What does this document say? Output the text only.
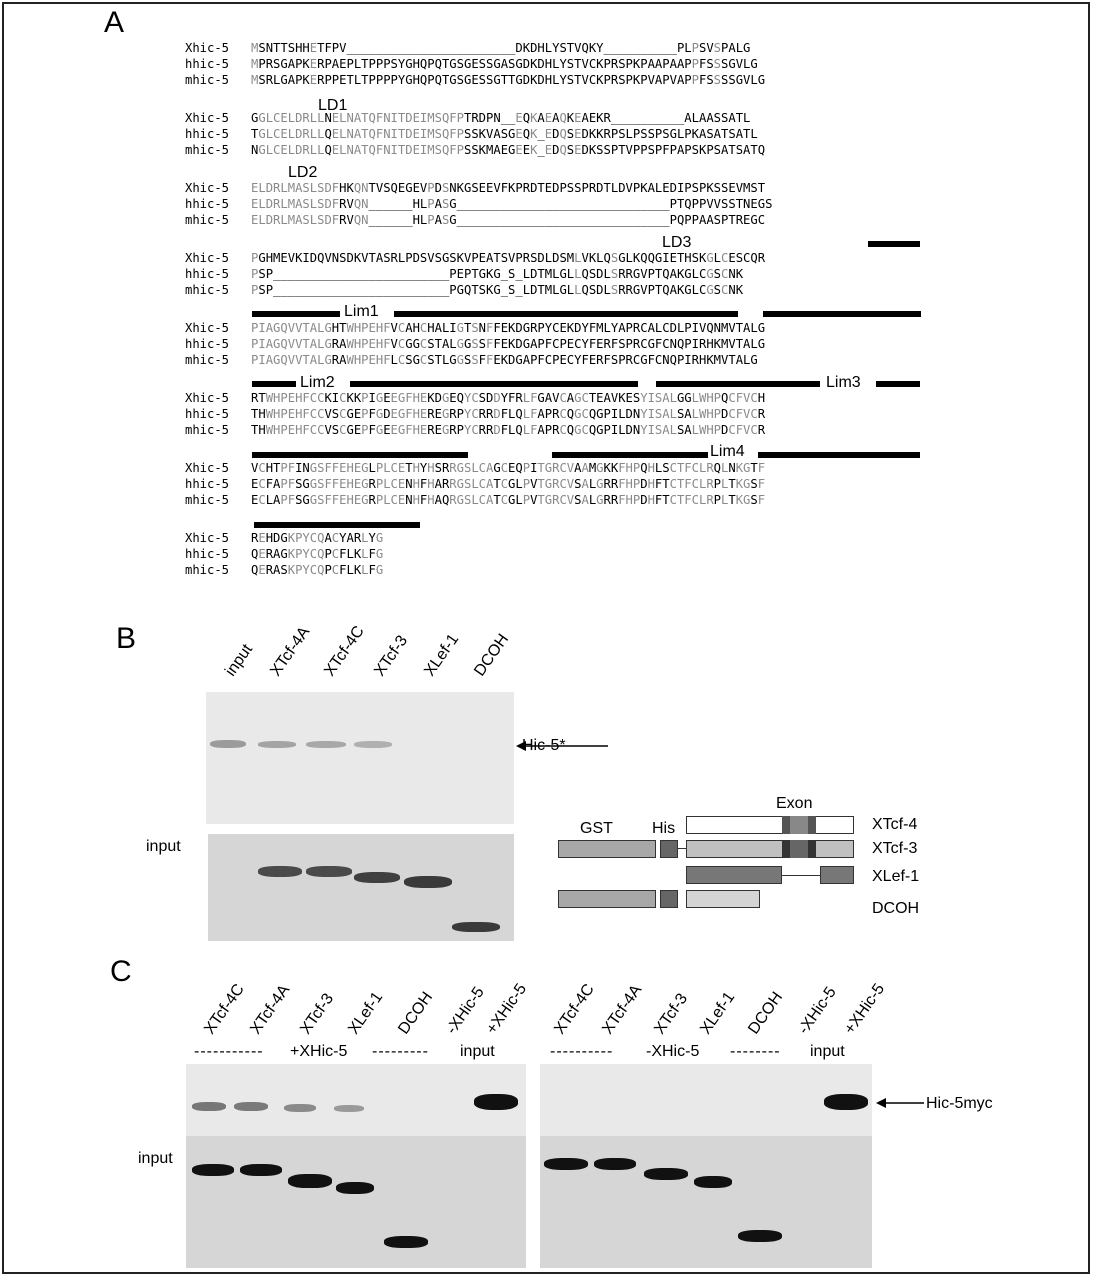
A
B
C
Xhic-5 MSNTTSHHETFPV_______________________DKDHLYSTVQKY__________PLPSVSPALG
hhic-5 MPRSGAPKERPAEPLTPPPSYGHQPQTGSGESSGASGDKDHLYSTVCKPRSPKPAAPAAPPFSSSGVLG
mhic-5 MSRLGAPKERPPETLTPPPPYGHQPQTGSGESSGTTGDKDHLYSTVCKPRSPKPVAPVAPPFSSSSGVLG
Xhic-5 GGLCELDRLLNELNATQFNITDEIMSQFPTRDPN__EQKAEAQKEAEKR__________ALAASSATL
hhic-5 TGLCELDRLLQELNATQFNITDEIMSQFPSSKVASGEQK_EDQSEDKKRPSLPSSPSGLPKASATSATL
mhic-5 NGLCELDRLLQELNATQFNITDEIMSQFPSSKMAEGEEK_EDQSEDKSSPTVPPSPFPAPSKPSATSATQ
Xhic-5 ELDRLMASLSDFHKQNTVSQEGEVPDSNKGSEEVFKPRDTEDPSSPRDTLDVPKALEDIPSPKSSEVMST
hhic-5 ELDRLMASLSDFRVQN______HLPASG_____________________________PTQPPVVSSTNEGS
mhic-5 ELDRLMASLSDFRVQN______HLPASG_____________________________PQPPAASPTREGC
Xhic-5 PGHMEVKIDQVNSDKVTASRLPDSVSGSKVPEATSVPRSDLDSMLVKLQSGLKQQGIETHSKGLCESCQR
hhic-5 PSP________________________PEPTGKG_S_LDTMLGLLQSDLSRRGVPTQAKGLCGSCNK
mhic-5 PSP________________________PGQTSKG_S_LDTMLGLLQSDLSRRGVPTQAKGLCGSCNK
Xhic-5 PIAGQVVTALGHTWHPEHFVCAHCHALIGTSNFFEKDGRPYCEKDYFMLYAPRCALCDLPIVQNMVTALG
hhic-5 PIAGQVVTALGRAWHPEHFVCGGCSTALGGSSFFEKDGAPFCPECYFERFSPRCGFCNQPIRHKMVTALG
mhic-5 PIAGQVVTALGRAWHPEHFLCSGCSTLGGSSFFEKDGAPFCPECYFERFSPRCGFCNQPIRHKMVTALG
Xhic-5 RTWHPEHFCCKICKKPIGEEGFHEKDGEQYCSDDYFRLFGAVCAGCTEAVKESYISALGGLWHPQCFVCH
hhic-5 THWHPEHFCCVSCGEPFGDEGFHEREGRPYCRRDFLQLFAPRCQGCQGPILDNYISALSALWHPDCFVCR
mhic-5 THWHPEHFCCVSCGEPFGEEGFHEREGRPYCRRDFLQLFAPRCQGCQGPILDNYISALSALWHPDCFVCR
Xhic-5 VCHTPFINGSFFEHEGLPLCETHYHSRRGSLCAGCEQPITGRCVAAMGKKFHPQHLSCTFCLRQLNKGTF
hhic-5 ECFAPFSGGSFFEHEGRPLCENHFHARRGSLCATCGLPVTGRCVSALGRRFHPDHFTCTFCLRPLTKGSF
mhic-5 ECLAPFSGGSFFEHEGRPLCENHFHAQRGSLCATCGLPVTGRCVSALGRRFHPDHFTCTFCLRPLTKGSF
Xhic-5 REHDGKPYCQACYARLYG
hhic-5 QERAGKPYCQPCFLKLFG
mhic-5 QERASKPYCQPCFLKLFG
LD1
LD2
LD3
Lim1
Lim2	Lim3
Lim4
input XTcf-4A XTcf-4C XTcf-3 XLef-1 DCOH
Hic-5*
input
Exon
GST His	XTcf-4
XTcf-3
XLef-1
DCOH
XTcf-4C XTcf-4A XTcf-3 XLef-1 DCOH -XHic-5
+XHic-5
----------- +XHic-5 --------- input
XTcf-4C XTcf-4A XTcf-3 XLef-1 DCOH -XHic-5 +XHic-5
---------- -XHic-5 -------- input
Hic-5myc
input
